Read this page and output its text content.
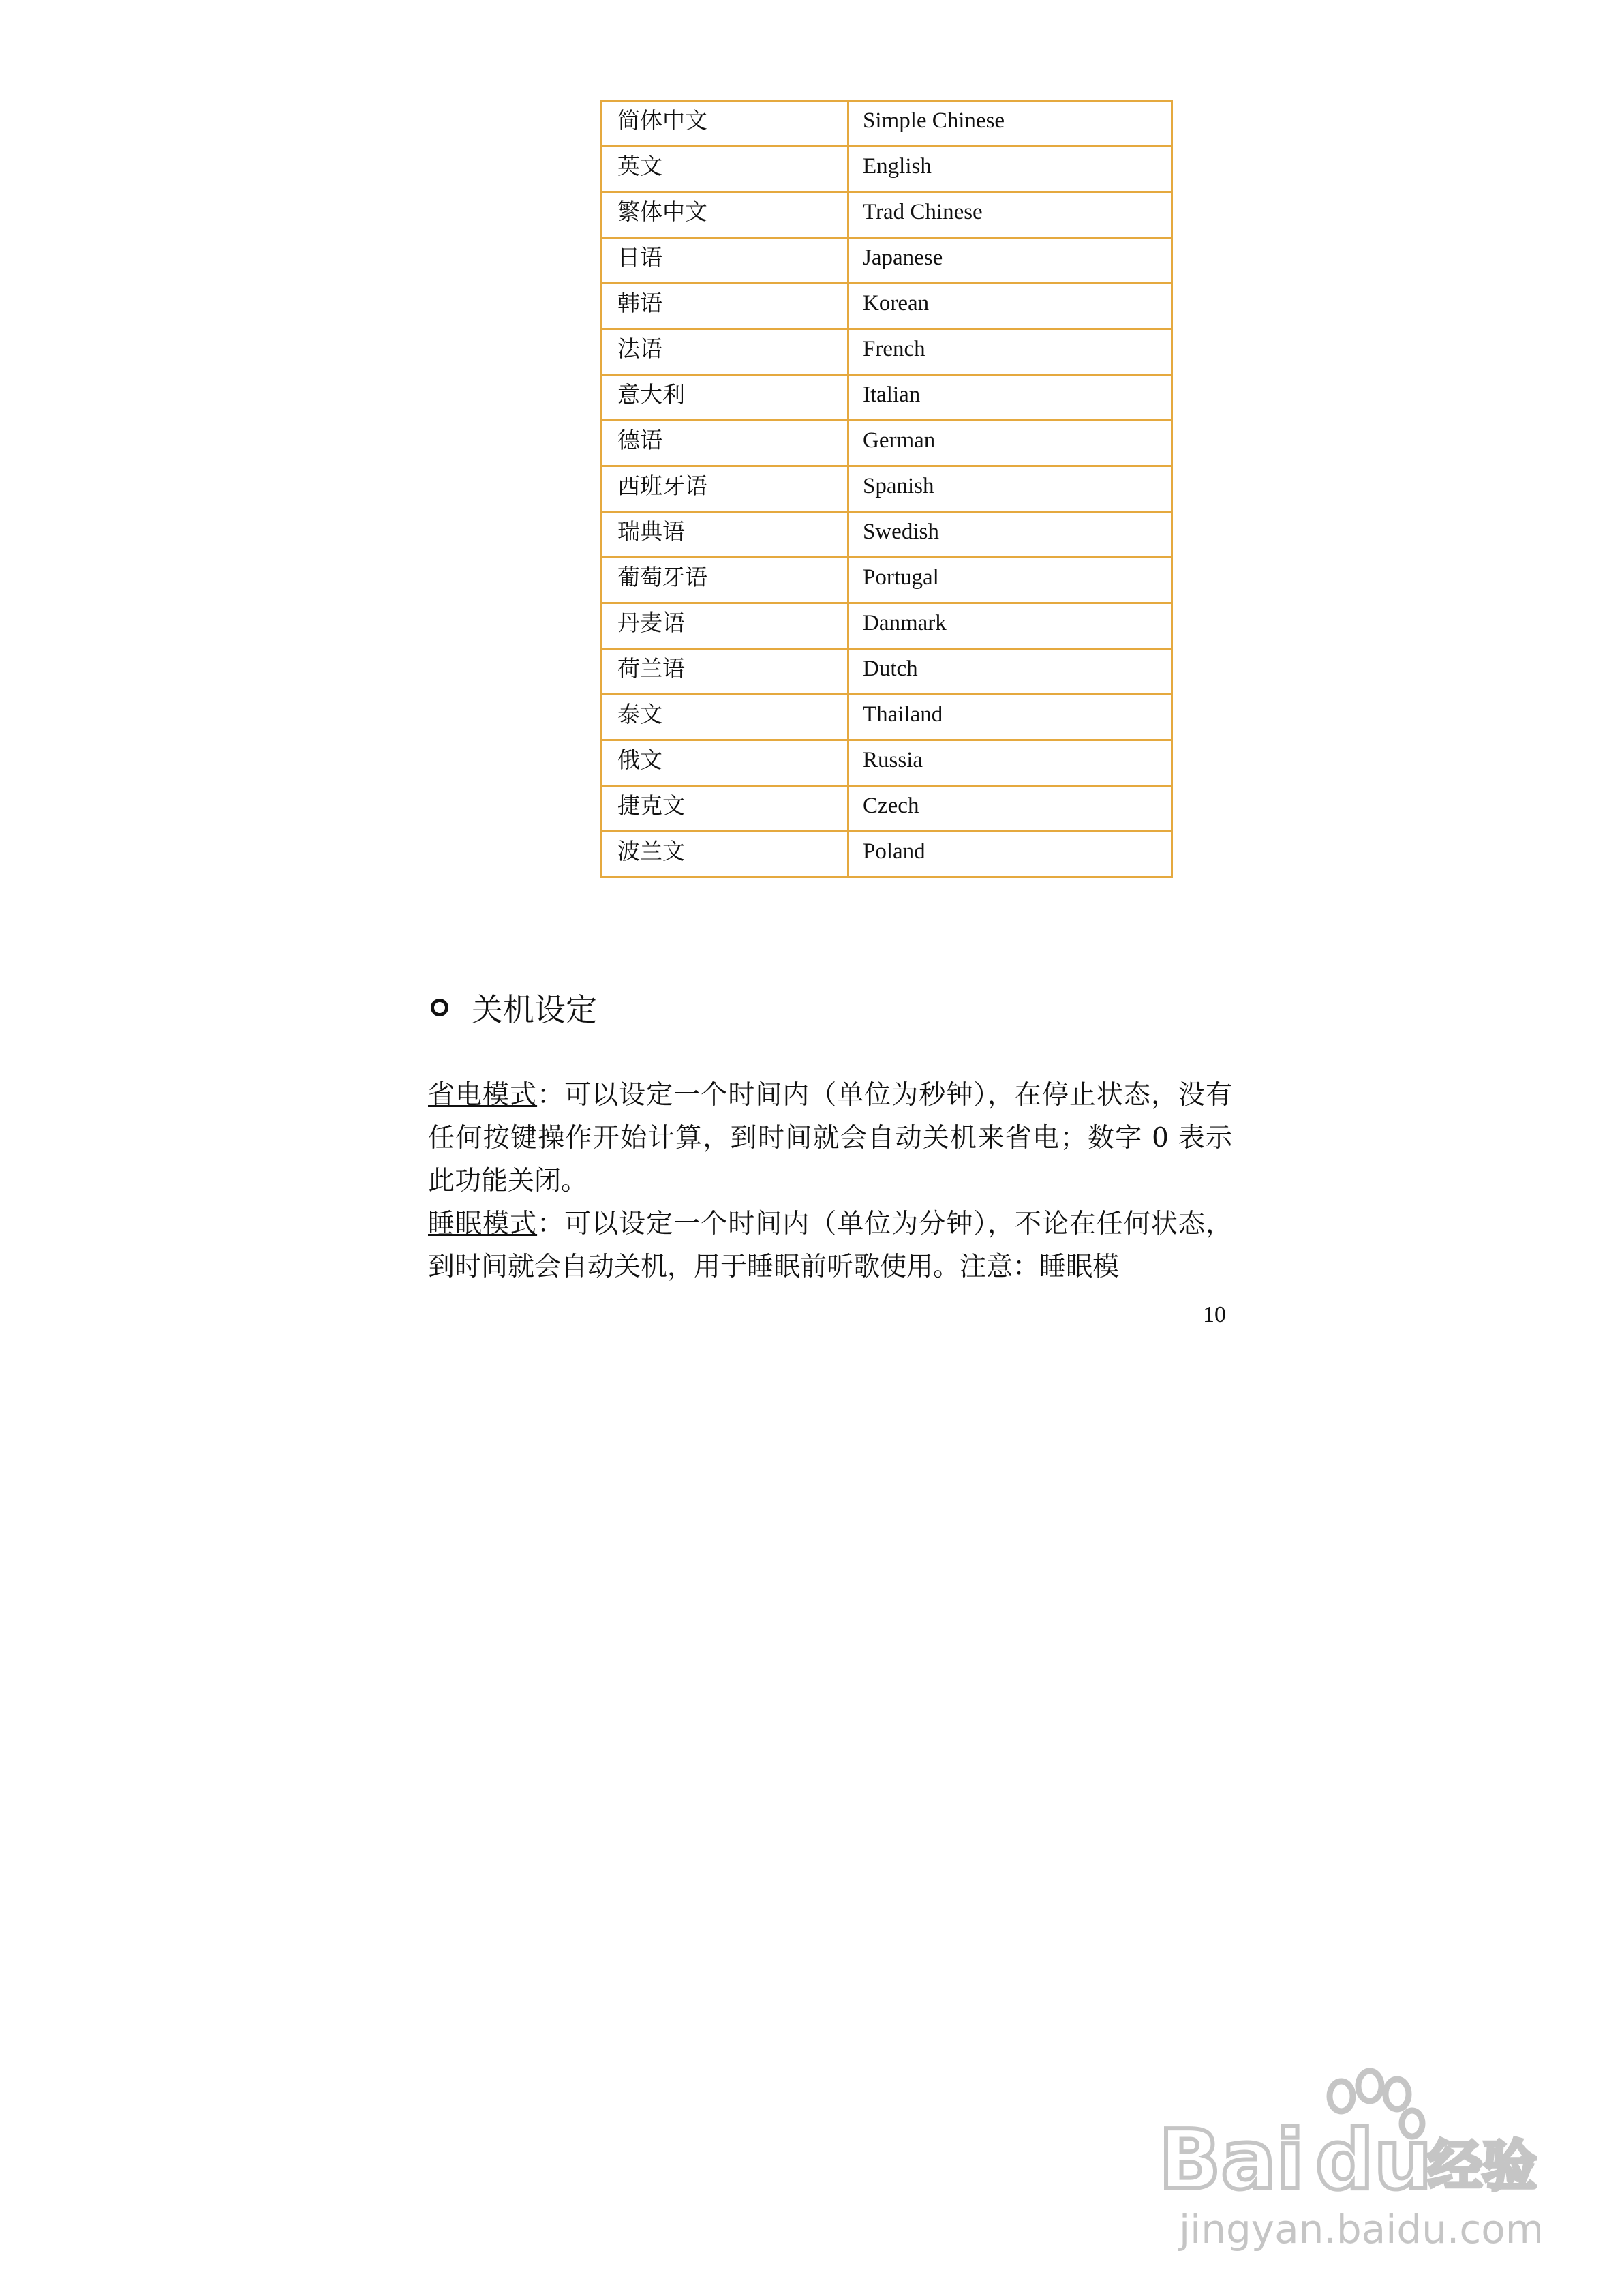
简体中文	Simple Chinese
英文	English
繁体中文	Trad Chinese
日语	Japanese
韩语	Korean
法语	French
意大利	Italian
德语	German
西班牙语	Spanish
瑞典语	Swedish
葡萄牙语	Portugal
丹麦语	Danmark
荷兰语	Dutch
泰文	Thailand
俄文	Russia
捷克文	Czech
波兰文	Poland
关机设定
省电模式：可以设定一个时间内（单位为秒钟），在停止状态，没有任何按键操作开始计算，到时间就会自动关机来省电；数字 0 表示此功能关闭。
睡眠模式：可以设定一个时间内（单位为分钟），不论在任何状态，到时间就会自动关机，用于睡眠前听歌使用。注意：睡眠模
10
Bai du
经验
jingyan.baidu.com
